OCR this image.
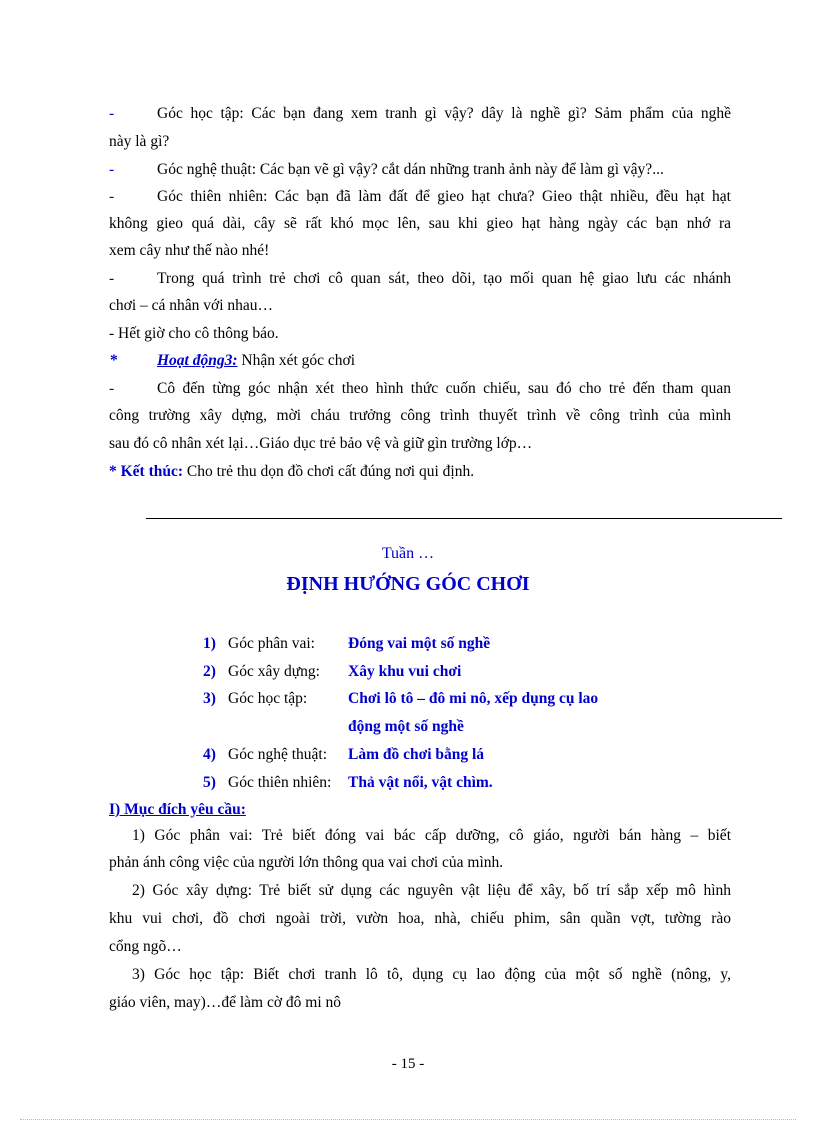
-	Góc học tập: Các bạn đang xem tranh gì vậy? dây là nghề gì? Sảm phẩm của nghề
này là gì?
-	Góc nghệ thuật: Các bạn vẽ gì vậy? cắt dán những tranh ảnh này để làm gì vậy?...
-	Góc thiên nhiên: Các bạn đã làm đất để gieo hạt chưa? Gieo thật nhiều, đều hạt hạt
không gieo quá dài, cây sẽ rất khó mọc lên, sau khi gieo hạt hàng ngày các bạn nhớ ra
xem cây như thế nào nhé!
-	Trong quá trình trẻ chơi cô quan sát, theo dõi, tạo mối quan hệ giao lưu các nhánh
chơi – cá nhân với nhau…
- Hết giờ cho cô thông báo.
*	Hoạt động3: Nhận xét góc chơi
-	Cô đến từng góc nhận xét theo hình thức cuốn chiếu, sau đó cho trẻ đến tham quan
công trường xây dựng, mời cháu trưởng công trình thuyết trình về công trình của mình
sau đó cô nhân xét lại…Giáo dục trẻ bảo vệ và giữ gìn trường lớp…
* Kết thúc: Cho trẻ thu dọn đồ chơi cất đúng nơi qui định.
Tuần …
ĐỊNH HƯỚNG GÓC CHƠI
1) Góc phân vai: Đóng vai một số nghề
2) Góc xây dựng: Xây khu vui chơi
3) Góc học tập:	Chơi lô tô – đô mi nô, xếp dụng cụ lao
động một số nghề
4) Góc nghệ thuật: Làm đồ chơi bằng lá
5) Góc thiên nhiên: Thả vật nổi, vật chìm.
I) Mục đích yêu cầu:
1) Góc phân vai: Trẻ biết đóng vai bác cấp dưỡng, cô giáo, người bán hàng – biết
phản ánh công việc của người lớn thông qua vai chơi của mình.
2) Góc xây dựng: Trẻ biết sử dụng các nguyên vật liệu để xây, bố trí sắp xếp mô hình
khu vui chơi, đồ chơi ngoài trời, vườn hoa, nhà, chiếu phim, sân quần vợt, tường rào
cổng ngõ…
3) Góc học tập: Biết chơi tranh lô tô, dụng cụ lao động của một số nghề (nông, y,
giáo viên, may)…để làm cờ đô mi nô
- 15 -
